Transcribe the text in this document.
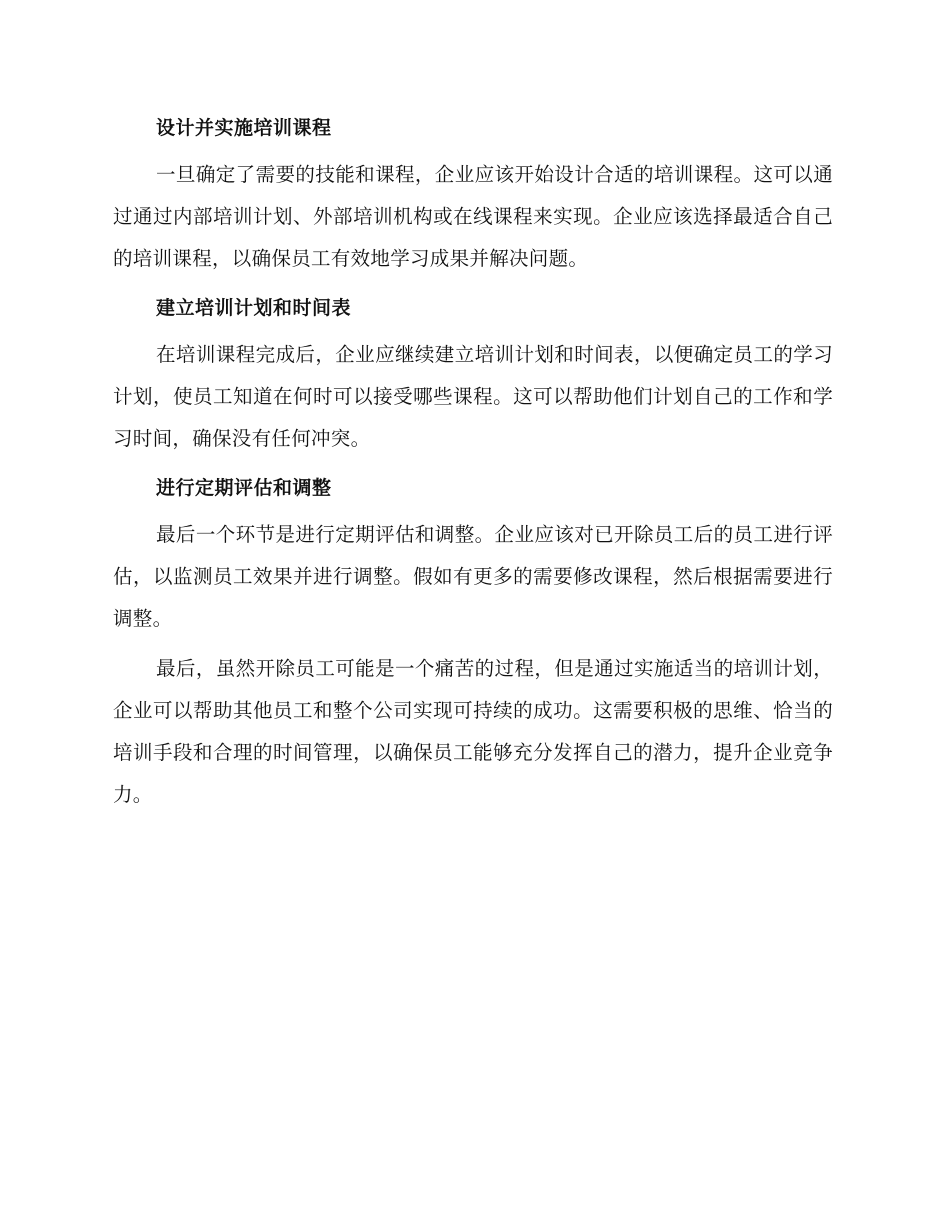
设计并实施培训课程

一旦确定了需要的技能和课程，企业应该开始设计合适的培训课程。这可以通过通过内部培训计划、外部培训机构或在线课程来实现。企业应该选择最适合自己的培训课程，以确保员工有效地学习成果并解决问题。

建立培训计划和时间表

在培训课程完成后，企业应继续建立培训计划和时间表，以便确定员工的学习计划，使员工知道在何时可以接受哪些课程。这可以帮助他们计划自己的工作和学习时间，确保没有任何冲突。

进行定期评估和调整

最后一个环节是进行定期评估和调整。企业应该对已开除员工后的员工进行评估，以监测员工效果并进行调整。假如有更多的需要修改课程，然后根据需要进行调整。

最后，虽然开除员工可能是一个痛苦的过程，但是通过实施适当的培训计划，企业可以帮助其他员工和整个公司实现可持续的成功。这需要积极的思维、恰当的培训手段和合理的时间管理，以确保员工能够充分发挥自己的潜力，提升企业竞争力。
